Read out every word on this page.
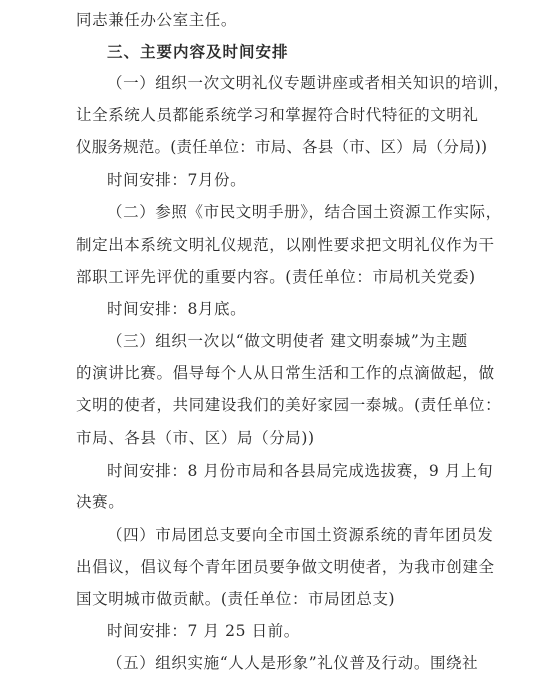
同志兼任办公室主任。
三、主要内容及时间安排
（一）组织一次文明礼仪专题讲座或者相关知识的培训，
让全系统人员都能系统学习和掌握符合时代特征的文明礼
仪服务规范。(责任单位：市局、各县（市、区）局（分局))
时间安排：7月份。
（二）参照《市民文明手册》，结合国土资源工作实际，
制定出本系统文明礼仪规范，以刚性要求把文明礼仪作为干
部职工评先评优的重要内容。(责任单位：市局机关党委)
时间安排：8月底。
（三）组织一次以“做文明使者 建文明泰城”为主题
的演讲比赛。倡导每个人从日常生活和工作的点滴做起，做
文明的使者，共同建设我们的美好家园一泰城。(责任单位：
市局、各县（市、区）局（分局))
时间安排：8 月份市局和各县局完成选拔赛，9 月上旬
决赛。
（四）市局团总支要向全市国土资源系统的青年团员发
出倡议，倡议每个青年团员要争做文明使者，为我市创建全
国文明城市做贡献。(责任单位：市局团总支)
时间安排：7 月 25 日前。
（五）组织实施“人人是形象”礼仪普及行动。围绕社
